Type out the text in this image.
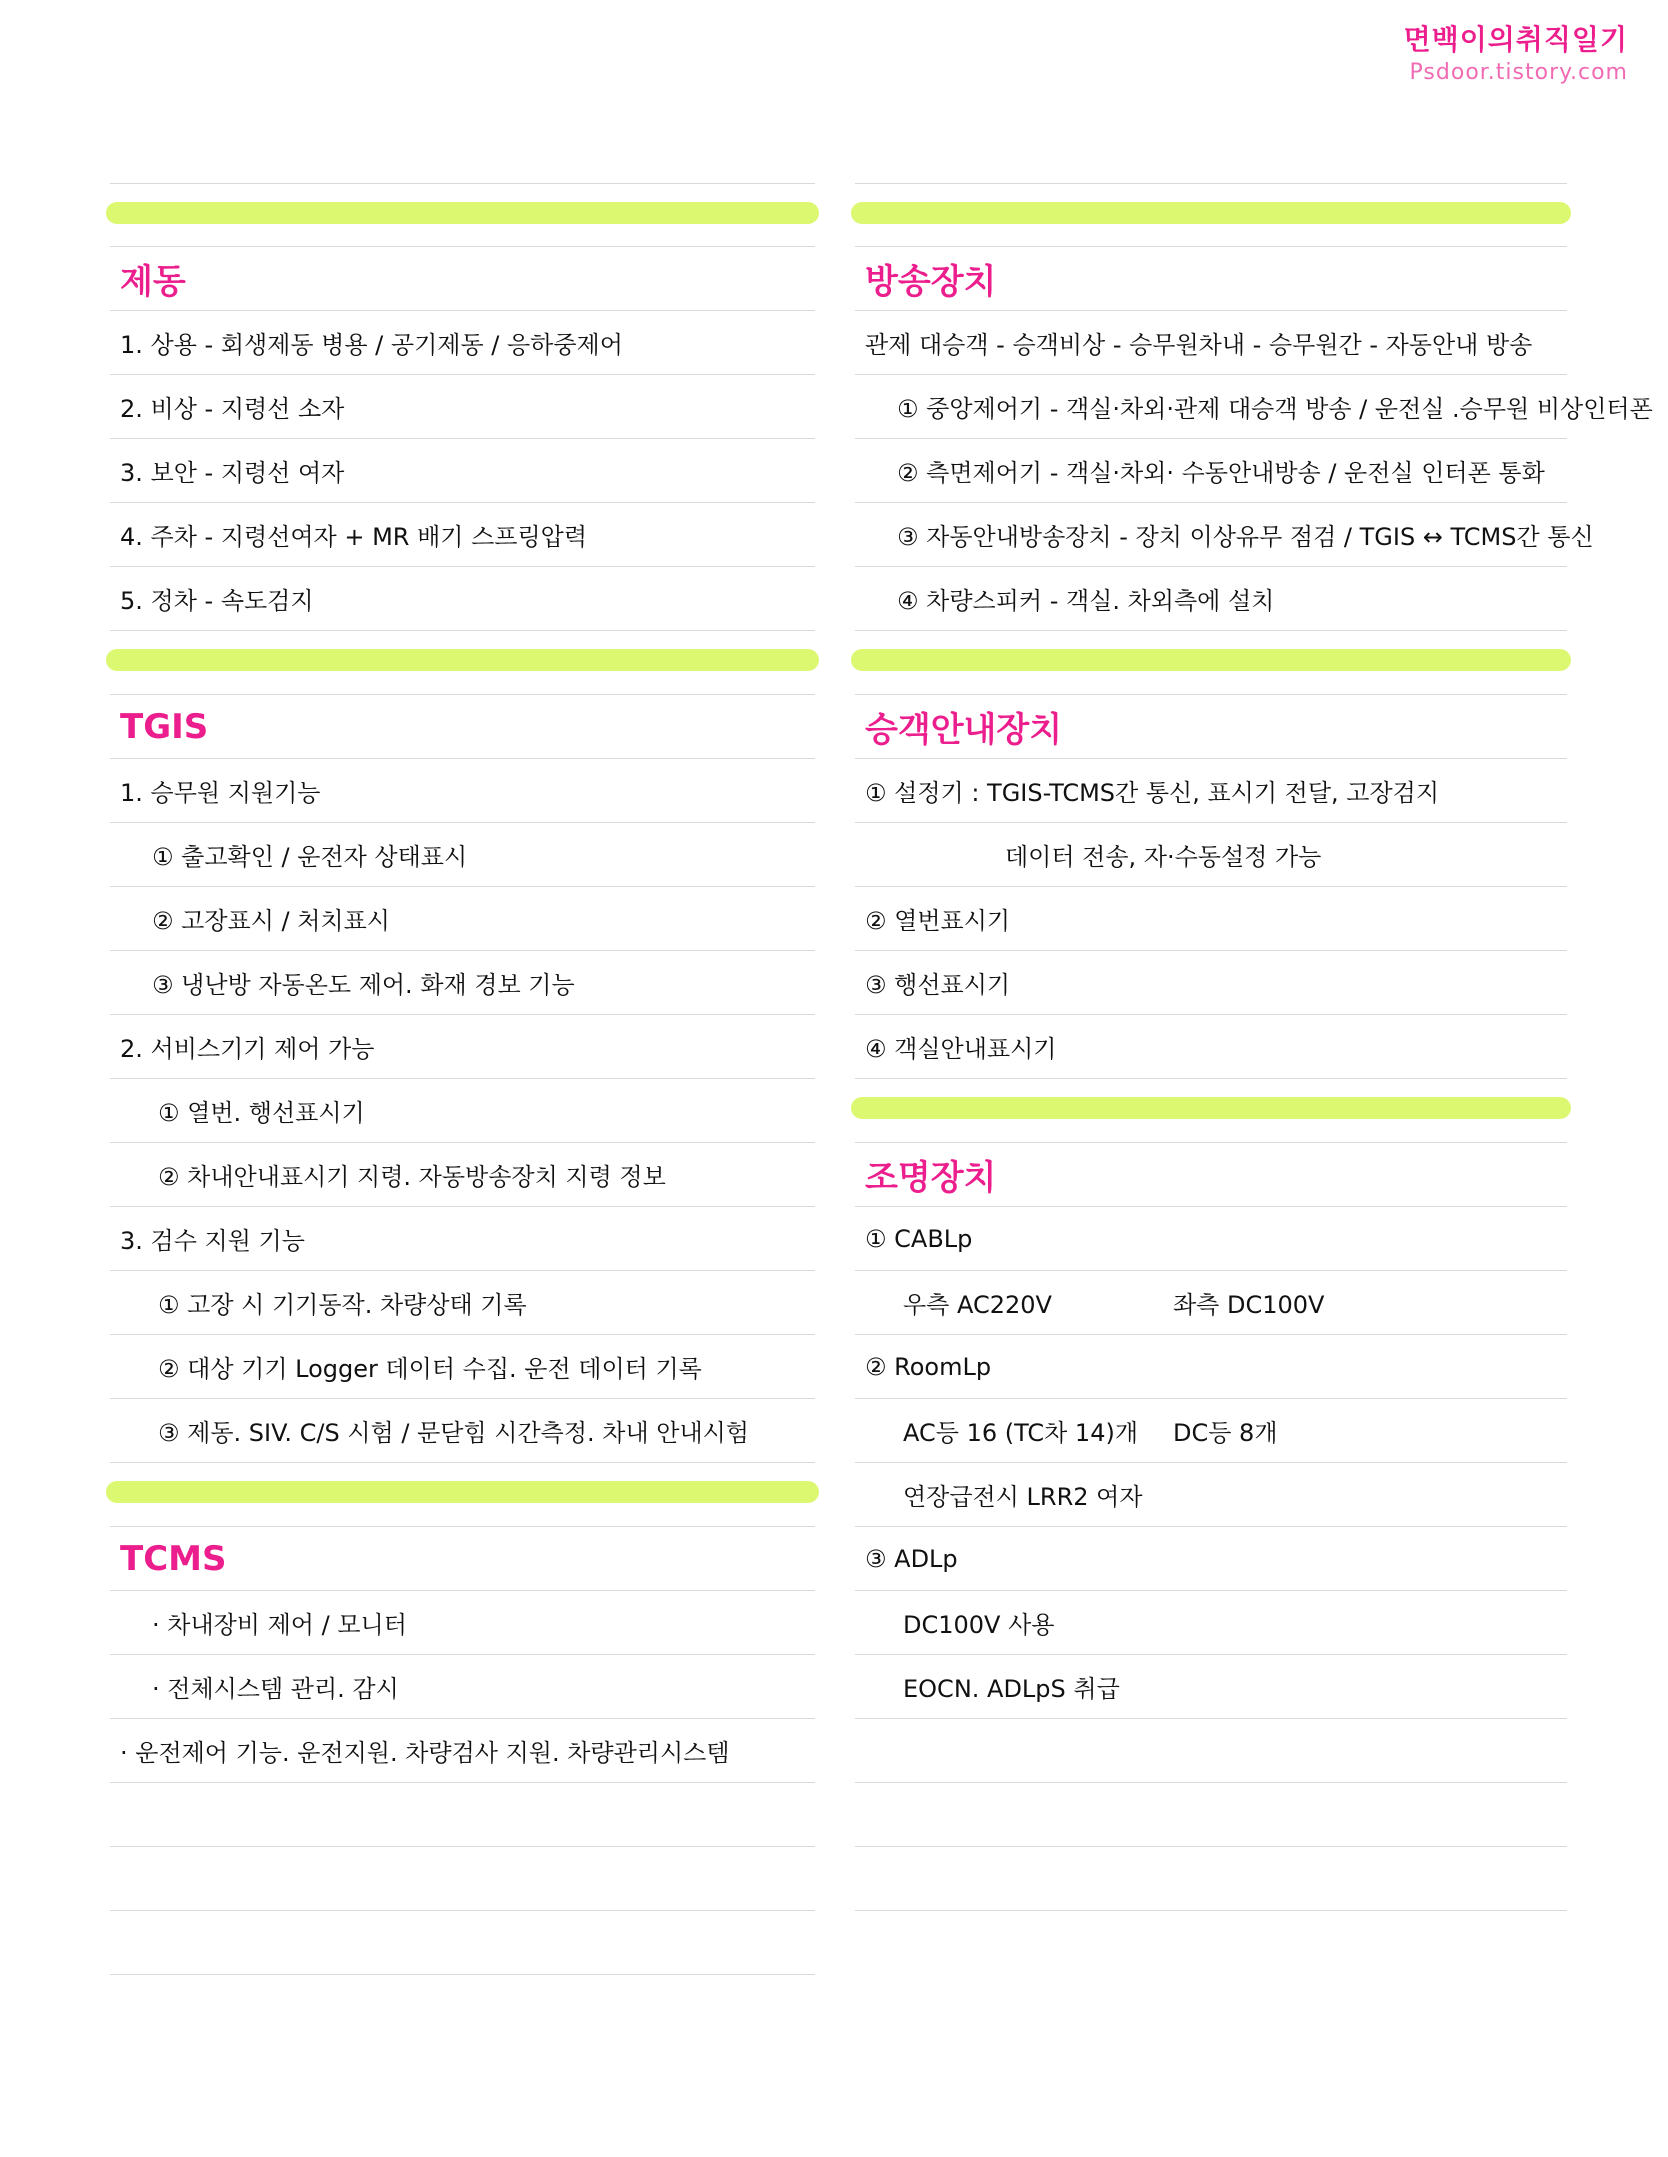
면백이의취직일기
Psdoor.tistory.com
제동
1. 상용 - 회생제동 병용 / 공기제동 / 응하중제어
2. 비상 - 지령선 소자
3. 보안 - 지령선 여자
4. 주차 - 지령선여자 + MR 배기 스프링압력
5. 정차 - 속도검지
TGIS
1. 승무원 지원기능
① 출고확인 / 운전자 상태표시
② 고장표시 / 처치표시
③ 냉난방 자동온도 제어. 화재 경보 기능
2. 서비스기기 제어 가능
① 열번. 행선표시기
② 차내안내표시기 지령. 자동방송장치 지령 정보
3. 검수 지원 기능
① 고장 시 기기동작. 차량상태 기록
② 대상 기기 Logger 데이터 수집. 운전 데이터 기록
③ 제동. SIV. C/S 시험 / 문닫힘 시간측정. 차내 안내시험
TCMS
· 차내장비 제어 / 모니터
· 전체시스템 관리. 감시
· 운전제어 기능. 운전지원. 차량검사 지원. 차량관리시스템
방송장치
관제 대승객 - 승객비상 - 승무원차내 - 승무원간 - 자동안내 방송
① 중앙제어기 - 객실·차외·관제 대승객 방송 / 운전실 .승무원 비상인터폰
② 측면제어기 - 객실·차외· 수동안내방송 / 운전실 인터폰 통화
③ 자동안내방송장치 - 장치 이상유무 점검 / TGIS ↔ TCMS간 통신
④ 차량스피커 - 객실. 차외측에 설치
승객안내장치
① 설정기 : TGIS-TCMS간 통신, 표시기 전달, 고장검지
데이터 전송, 자·수동설정 가능
② 열번표시기
③ 행선표시기
④ 객실안내표시기
조명장치
① CABLp
우측 AC220V	좌측 DC100V
② RoomLp
AC등 16 (TC차 14)개	DC등 8개
연장급전시 LRR2 여자
③ ADLp
DC100V 사용
EOCN. ADLpS 취급
